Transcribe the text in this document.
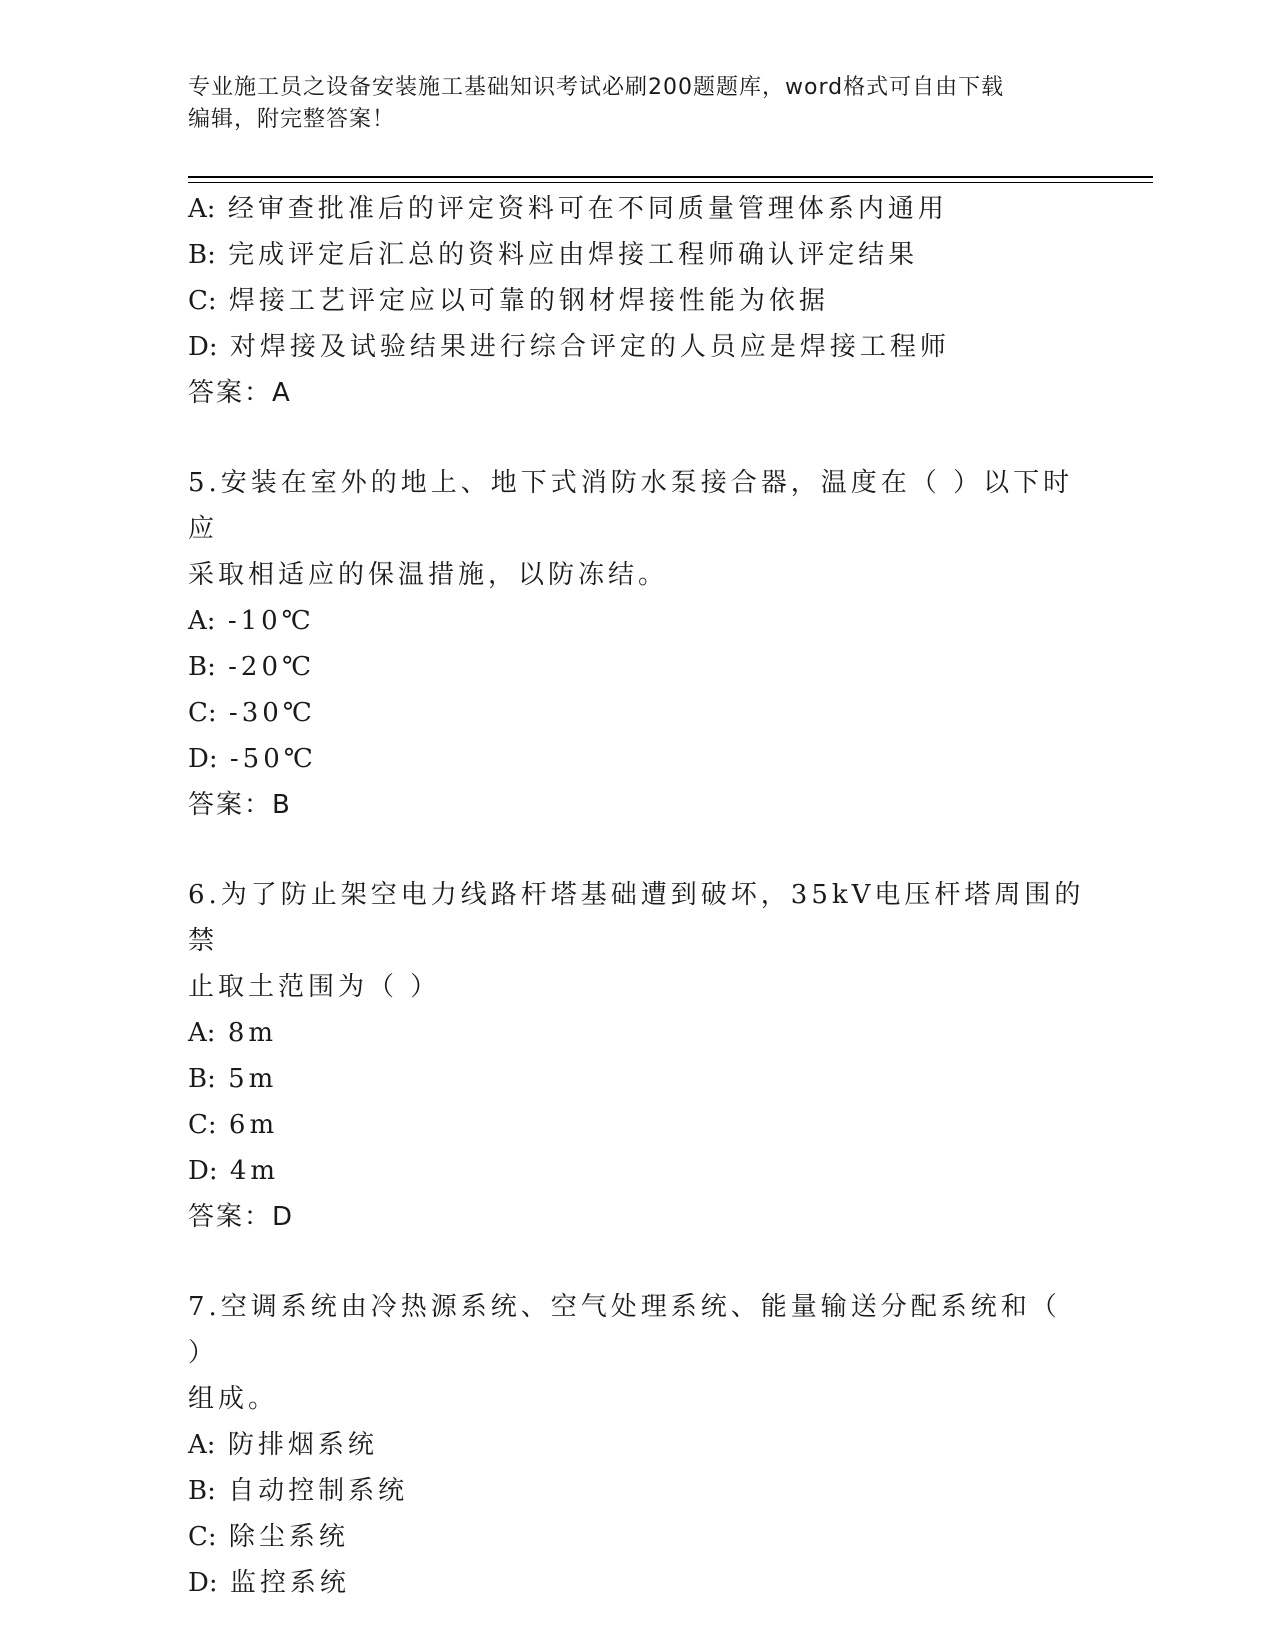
专业施工员之设备安装施工基础知识考试必刷200题题库，word格式可自由下载
编辑，附完整答案！
A: 经审查批准后的评定资料可在不同质量管理体系内通用
B: 完成评定后汇总的资料应由焊接工程师确认评定结果
C: 焊接工艺评定应以可靠的钢材焊接性能为依据
D: 对焊接及试验结果进行综合评定的人员应是焊接工程师
答案：A
5.安装在室外的地上、地下式消防水泵接合器，温度在（ ）以下时应
采取相适应的保温措施，以防冻结。
A: -10℃
B: -20℃
C: -30℃
D: -50℃
答案：B
6.为了防止架空电力线路杆塔基础遭到破坏，35kV电压杆塔周围的禁
止取土范围为（ ）
A: 8m
B: 5m
C: 6m
D: 4m
答案：D
7.空调系统由冷热源系统、空气处理系统、能量输送分配系统和（ ）
组成。
A: 防排烟系统
B: 自动控制系统
C: 除尘系统
D: 监控系统
